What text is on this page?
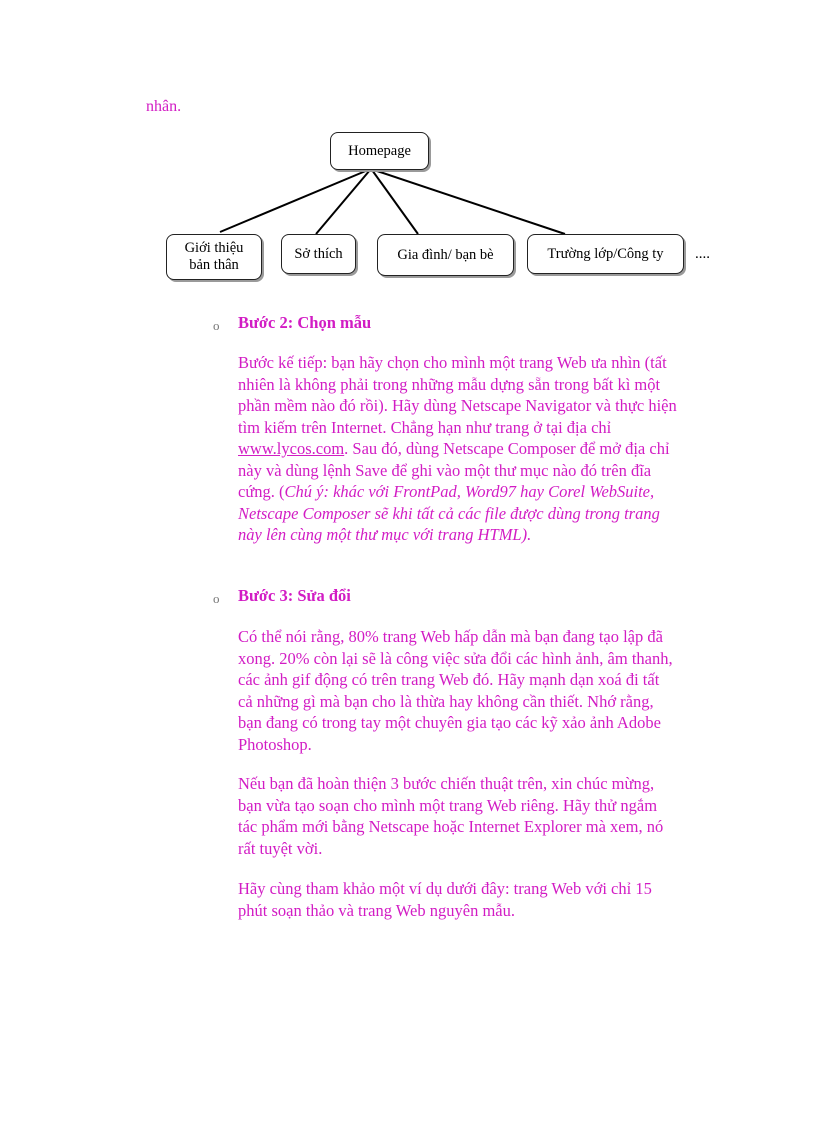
nhân.
Homepage
Giới thiệu bản thân
Sở thích	Gia đình/ bạn bè	Trường lớp/Công ty	....
o Bước 2: Chọn mẫu
Bước kế tiếp: bạn hãy chọn cho mình một trang Web ưa nhìn (tất nhiên là không phải trong những mẫu dựng sẵn trong bất kì một phần mềm nào đó rồi). Hãy dùng Netscape Navigator và thực hiện tìm kiếm trên Internet. Chẳng hạn như trang ở tại địa chỉ www.lycos.com. Sau đó, dùng Netscape Composer để mở địa chỉ này và dùng lệnh Save để ghi vào một thư mục nào đó trên đĩa cứng. (Chú ý: khác với FrontPad, Word97 hay Corel WebSuite, Netscape Composer sẽ khi tất cả các file được dùng trong trang này lên cùng một thư mục với trang HTML).
o Bước 3: Sửa đổi
Có thể nói rằng, 80% trang Web hấp dẫn mà bạn đang tạo lập đã xong. 20% còn lại sẽ là công việc sửa đổi các hình ảnh, âm thanh, các ảnh gif động có trên trang Web đó. Hãy mạnh dạn xoá đi tất cả những gì mà bạn cho là thừa hay không cần thiết. Nhớ rằng, bạn đang có trong tay một chuyên gia tạo các kỹ xảo ảnh Adobe Photoshop.
Nếu bạn đã hoàn thiện 3 bước chiến thuật trên, xin chúc mừng, bạn vừa tạo soạn cho mình một trang Web riêng. Hãy thử ngắm tác phẩm mới bằng Netscape hoặc Internet Explorer mà xem, nó rất tuyệt vời.
Hãy cùng tham khảo một ví dụ dưới đây: trang Web với chỉ 15 phút soạn thảo và trang Web nguyên mẫu.
